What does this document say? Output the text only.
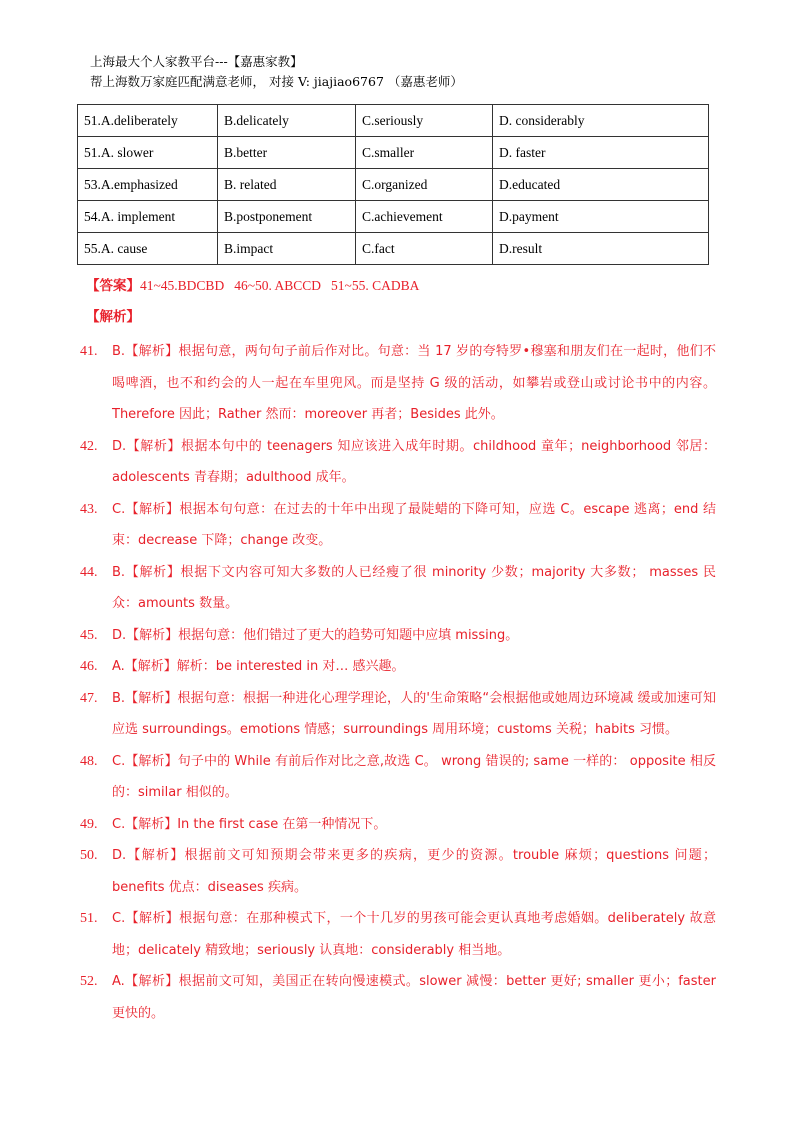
上海最大个人家教平台---【嘉惠家教】
帮上海数万家庭匹配满意老师， 对接 V: jiajiao6767 （嘉惠老师）
51.A.deliberately	B.delicately	C.seriously	D. considerably
51.A. slower	B.better	C.smaller	D. faster
53.A.emphasized	B. related	C.organized	D.educated
54.A. implement	B.postponement	C.achievement	D.payment
55.A. cause	B.impact	C.fact	D.result
【答案】41~45.BDCBD 46~50. ABCCD 51~55. CADBA
【解析】
41. B.【解析】根据句意，两句句子前后作对比。句意：当 17 岁的夸特罗•穆塞和朋友们在一起时，他们不喝啤酒，也不和约会的人一起在车里兜风。而是坚持 G 级的活动，如攀岩或登山或讨论书中的内容。Therefore 因此；Rather 然而：moreover 再者；Besides 此外。
42. D.【解析】根据本句中的 teenagers 知应该进入成年时期。childhood 童年；neighborhood 邻居：adolescents 青春期；adulthood 成年。
43. C.【解析】根据本句句意：在过去的十年中出现了最陡蜡的下降可知，应选 C。escape 逃离；end 结束：decrease 下降；change 改变。
44. B.【解析】根据下文内容可知大多数的人已经瘦了很 minority 少数；majority 大多数； masses 民众：amounts 数量。
45. D.【解析】根据句意：他们错过了更大的趋势可知题中应填 missing。
46. A.【解析】解析：be interested in 对… 感兴趣。
47. B.【解析】根据句意：根据一种进化心理学理论，人的'生命策略“会根据他或她周边环境减 缓或加速可知应选 surroundings。emotions 情感；surroundings 周用环境；customs 关税；habits 习惯。
48. C.【解析】句子中的 While 有前后作对比之意,故选 C。 wrong 错误的; same 一样的： opposite 相反的：similar 相似的。
49. C.【解析】In the first case 在第一种情况下。
50. D.【解析】根据前文可知预期会带来更多的疾病，更少的资源。trouble 麻烦；questions 问题； benefits 优点：diseases 疾病。
51. C.【解析】根据句意：在那种模式下，一个十几岁的男孩可能会更认真地考虑婚姻。deliberately 故意地；delicately 精致地；seriously 认真地：considerably 相当地。
52. A.【解析】根据前文可知，美国正在转向慢速模式。slower 减慢：better 更好; smaller 更小；faster 更快的。
